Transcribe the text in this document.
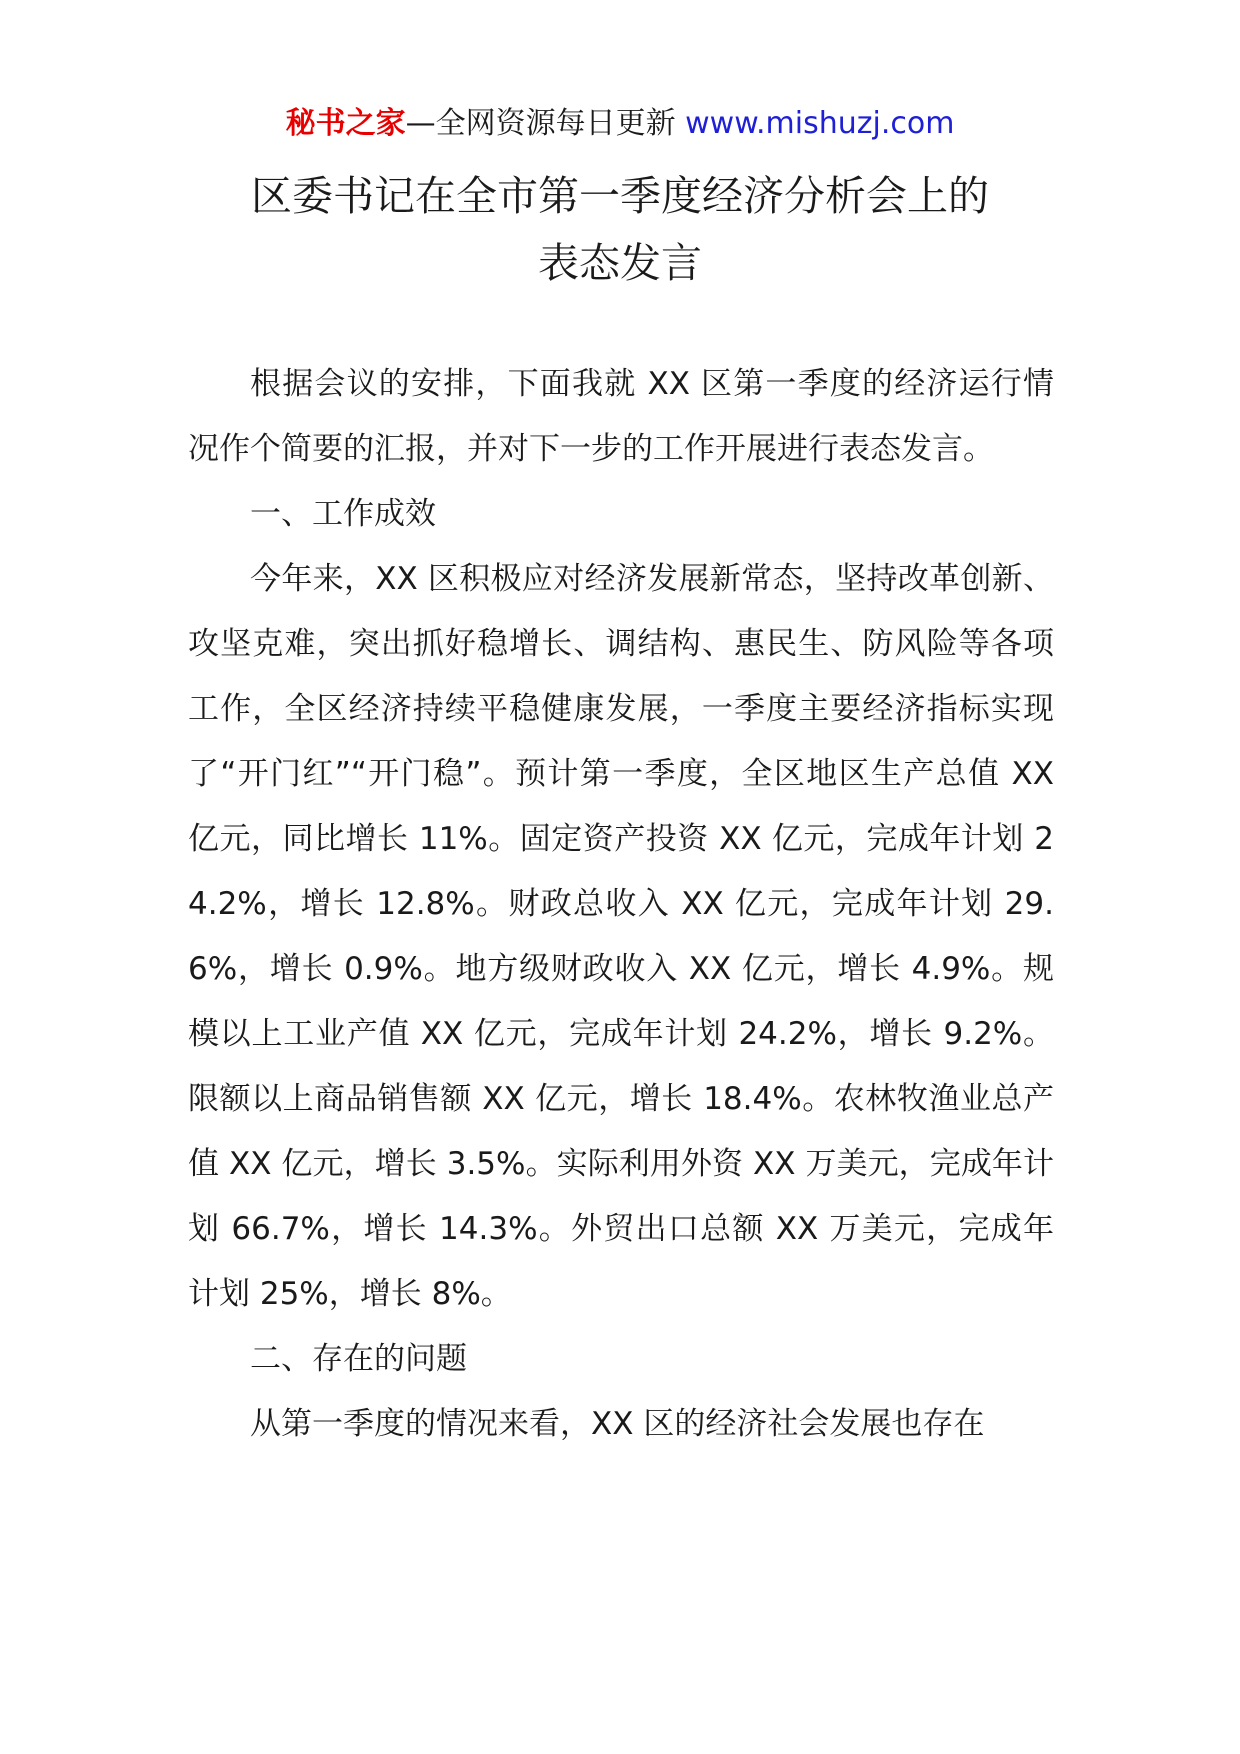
秘书之家—全网资源每日更新 www.mishuzj.com
区委书记在全市第一季度经济分析会上的
表态发言

根据会议的安排，下面我就 XX 区第一季度的经济运行情况作个简要的汇报，并对下一步的工作开展进行表态发言。

一、工作成效

今年来，XX 区积极应对经济发展新常态，坚持改革创新、攻坚克难，突出抓好稳增长、调结构、惠民生、防风险等各项工作，全区经济持续平稳健康发展，一季度主要经济指标实现了“开门红”“开门稳”。预计第一季度，全区地区生产总值 XX 亿元，同比增长 11%。固定资产投资 XX 亿元，完成年计划 24.2%，增长 12.8%。财政总收入 XX 亿元，完成年计划 29.6%，增长 0.9%。地方级财政收入 XX 亿元，增长 4.9%。规模以上工业产值 XX 亿元，完成年计划 24.2%，增长 9.2%。限额以上商品销售额 XX 亿元，增长 18.4%。农林牧渔业总产值 XX 亿元，增长 3.5%。实际利用外资 XX 万美元，完成年计划 66.7%，增长 14.3%。外贸出口总额 XX 万美元，完成年计划 25%，增长 8%。

二、存在的问题

从第一季度的情况来看，XX 区的经济社会发展也存在
